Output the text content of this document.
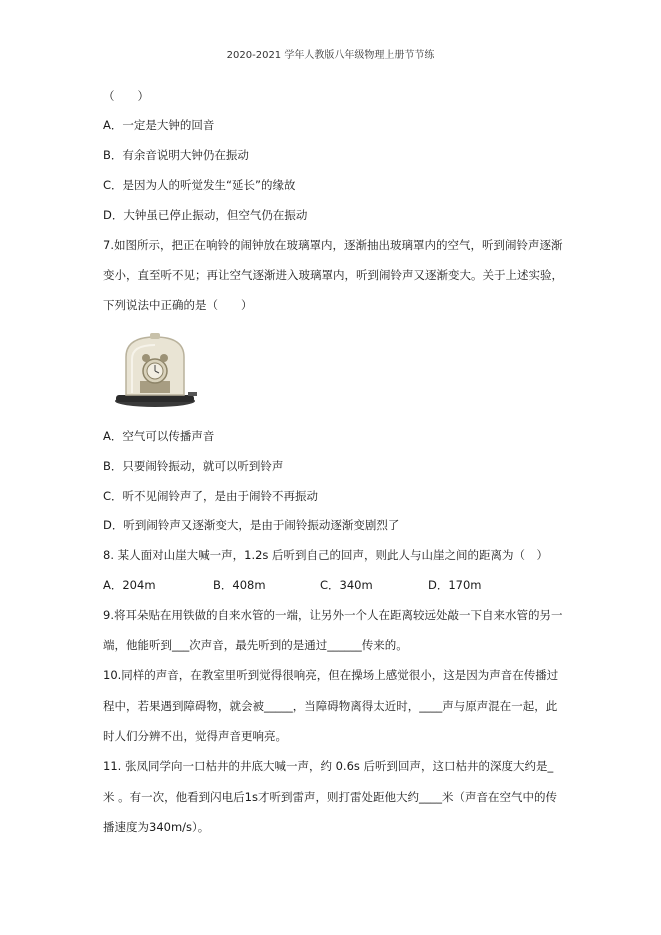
2020-2021 学年人教版八年级物理上册节节练
（　　）
A．一定是大钟的回音
B．有余音说明大钟仍在振动
C．是因为人的听觉发生“延长”的缘故
D．大钟虽已停止振动，但空气仍在振动
7.如图所示，把正在响铃的闹钟放在玻璃罩内，逐渐抽出玻璃罩内的空气，听到闹铃声逐渐
变小，直至听不见；再让空气逐渐进入玻璃罩内，听到闹铃声又逐渐变大。关于上述实验，
下列说法中正确的是（　　）
A．空气可以传播声音
B．只要闹铃振动，就可以听到铃声
C．听不见闹铃声了，是由于闹铃不再振动
D．听到闹铃声又逐渐变大，是由于闹铃振动逐渐变剧烈了
8. 某人面对山崖大喊一声，1.2s 后听到自己的回声，则此人与山崖之间的距离为（　）
A．204m	B．408m	C．340m	D．170m
9.将耳朵贴在用铁做的自来水管的一端，让另外一个人在距离较远处敲一下自来水管的另一
端，他能听到___次声音，最先听到的是通过______传来的。
10.同样的声音，在教室里听到觉得很响亮，但在操场上感觉很小，这是因为声音在传播过
程中，若果遇到障碍物，就会被_____，当障碍物离得太近时，____声与原声混在一起，此
时人们分辨不出，觉得声音更响亮。
11. 张凤同学向一口枯井的井底大喊一声，约 0.6s 后听到回声，这口枯井的深度大约是_
米 。有一次，他看到闪电后1s才听到雷声，则打雷处距他大约____米（声音在空气中的传
播速度为340m/s）。
